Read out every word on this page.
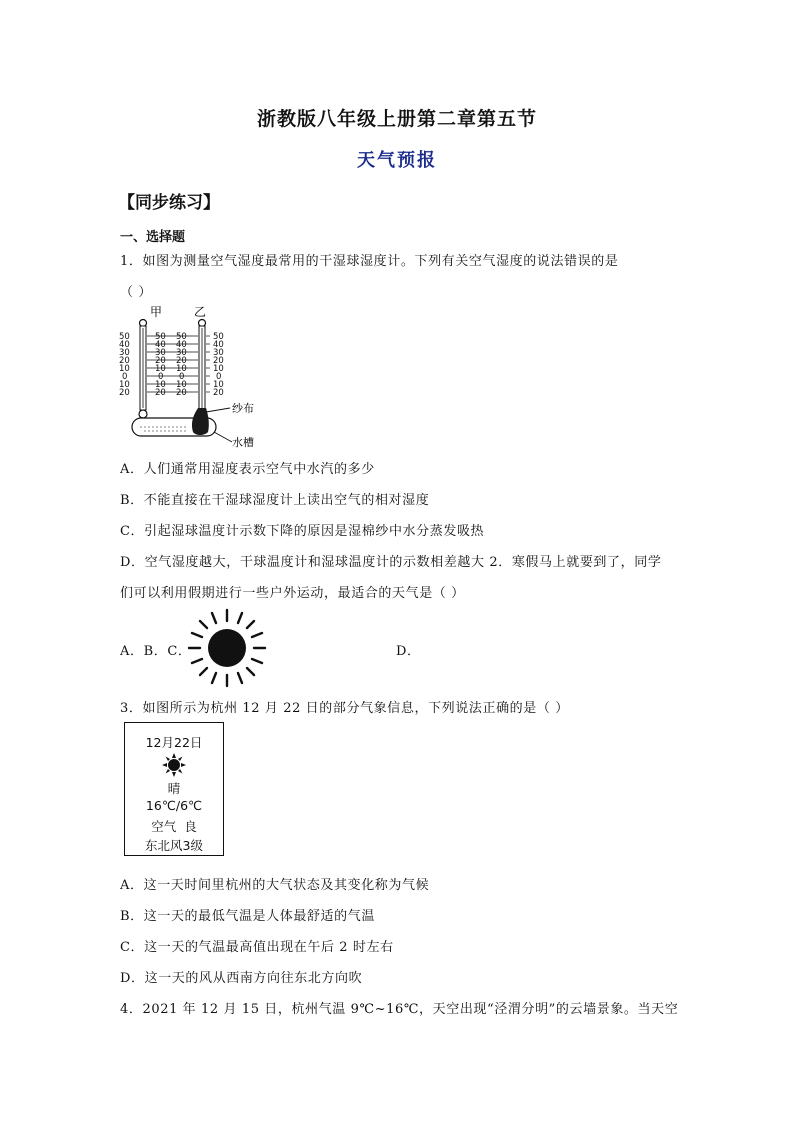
浙教版八年级上册第二章第五节
天气预报
【同步练习】
一、选择题
1．如图为测量空气湿度最常用的干湿球湿度计。下列有关空气湿度的说法错误的是
（ ）
甲	乙
50
40
30
20
10
0
10
20
50
40
30
20
10
0
10
20
50
40
30
20
10
0
10
20
50
40
30
20
10
0
10
20
纱布
水槽
A．人们通常用湿度表示空气中水汽的多少
B．不能直接在干湿球湿度计上读出空气的相对湿度
C．引起湿球温度计示数下降的原因是湿棉纱中水分蒸发吸热
D．空气湿度越大，干球温度计和湿球温度计的示数相差越大 2．寒假马上就要到了，同学
们可以利用假期进行一些户外运动，最适合的天气是（ ）
A．B．C．	D．
3．如图所示为杭州 12 月 22 日的部分气象信息，下列说法正确的是（ ）
12月22日
晴
16℃/6℃
空气  良
东北风3级
A．这一天时间里杭州的大气状态及其变化称为气候
B．这一天的最低气温是人体最舒适的气温
C．这一天的气温最高值出现在午后 2 时左右
D．这一天的风从西南方向往东北方向吹
4．2021 年 12 月 15 日，杭州气温 9℃~16℃，天空出现“泾渭分明”的云墙景象。当天空
